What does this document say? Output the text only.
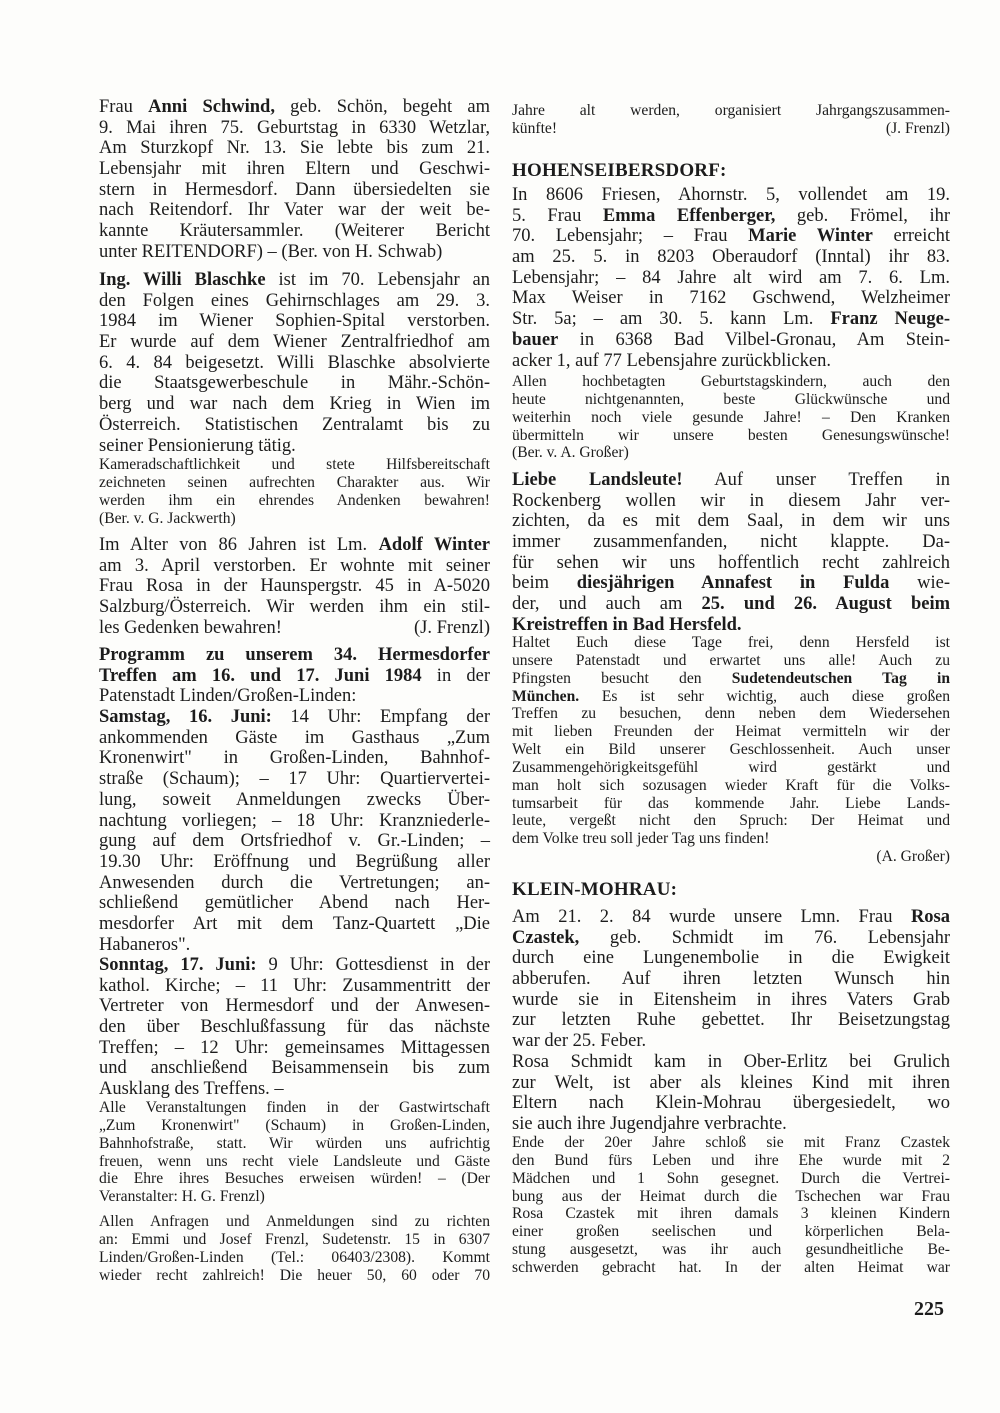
Frau Anni Schwind, geb. Schön, begeht am
9. Mai ihren 75. Geburtstag in 6330 Wetzlar,
Am Sturzkopf Nr. 13. Sie lebte bis zum 21.
Lebensjahr mit ihren Eltern und Geschwi-
stern in Hermesdorf. Dann übersiedelten sie
nach Reitendorf. Ihr Vater war der weit be-
kannte Kräutersammler. (Weiterer Bericht
unter REITENDORF) – (Ber. von H. Schwab)
Ing. Willi Blaschke ist im 70. Lebensjahr an
den Folgen eines Gehirnschlages am 29. 3.
1984 im Wiener Sophien-Spital verstorben.
Er wurde auf dem Wiener Zentralfriedhof am
6. 4. 84 beigesetzt. Willi Blaschke absolvierte
die Staatsgewerbeschule in Mähr.-Schön-
berg und war nach dem Krieg in Wien im
Österreich. Statistischen Zentralamt bis zu
seiner Pensionierung tätig.
Kameradschaftlichkeit und stete Hilfsbereitschaft
zeichneten seinen aufrechten Charakter aus. Wir
werden ihm ein ehrendes Andenken bewahren!
(Ber. v. G. Jackwerth)
Im Alter von 86 Jahren ist Lm. Adolf Winter
am 3. April verstorben. Er wohnte mit seiner
Frau Rosa in der Haunspergstr. 45 in A-5020
Salzburg/Österreich. Wir werden ihm ein stil-
les Gedenken bewahren!	(J. Frenzl)
Programm zu unserem 34. Hermesdorfer
Treffen am 16. und 17. Juni 1984 in der
Patenstadt Linden/Großen-Linden:
Samstag, 16. Juni: 14 Uhr: Empfang der
ankommenden Gäste im Gasthaus „Zum
Kronenwirt" in Großen-Linden, Bahnhof-
straße (Schaum); – 17 Uhr: Quartiervertei-
lung, soweit Anmeldungen zwecks Über-
nachtung vorliegen; – 18 Uhr: Kranzniederle-
gung auf dem Ortsfriedhof v. Gr.-Linden; –
19.30 Uhr: Eröffnung und Begrüßung aller
Anwesenden durch die Vertretungen; an-
schließend gemütlicher Abend nach Her-
mesdorfer Art mit dem Tanz-Quartett „Die
Habaneros".
Sonntag, 17. Juni: 9 Uhr: Gottesdienst in der
kathol. Kirche; – 11 Uhr: Zusammentritt der
Vertreter von Hermesdorf und der Anwesen-
den über Beschlußfassung für das nächste
Treffen; – 12 Uhr: gemeinsames Mittagessen
und anschließend Beisammensein bis zum
Ausklang des Treffens. –
Alle Veranstaltungen finden in der Gastwirtschaft
„Zum Kronenwirt" (Schaum) in Großen-Linden,
Bahnhofstraße, statt. Wir würden uns aufrichtig
freuen, wenn uns recht viele Landsleute und Gäste
die Ehre ihres Besuches erweisen würden! – (Der
Veranstalter: H. G. Frenzl)
Allen Anfragen und Anmeldungen sind zu richten
an: Emmi und Josef Frenzl, Sudetenstr. 15 in 6307
Linden/Großen-Linden (Tel.: 06403/2308). Kommt
wieder recht zahlreich! Die heuer 50, 60 oder 70
Jahre alt werden, organisiert Jahrgangszusammen-
künfte!	(J. Frenzl)
In 8606 Friesen, Ahornstr. 5, vollendet am 19.
5. Frau Emma Effenberger, geb. Frömel, ihr
70. Lebensjahr; – Frau Marie Winter erreicht
am 25. 5. in 8203 Oberaudorf (Inntal) ihr 83.
Lebensjahr; – 84 Jahre alt wird am 7. 6. Lm.
Max Weiser in 7162 Gschwend, Welzheimer
Str. 5a; – am 30. 5. kann Lm. Franz Neuge-
bauer in 6368 Bad Vilbel-Gronau, Am Stein-
acker 1, auf 77 Lebensjahre zurückblicken.
Allen hochbetagten Geburtstagskindern, auch den
heute nichtgenannten, beste Glückwünsche und
weiterhin noch viele gesunde Jahre! – Den Kranken
übermitteln wir unsere besten Genesungswünsche!
(Ber. v. A. Großer)
Liebe Landsleute! Auf unser Treffen in
Rockenberg wollen wir in diesem Jahr ver-
zichten, da es mit dem Saal, in dem wir uns
immer zusammenfanden, nicht klappte. Da-
für sehen wir uns hoffentlich recht zahlreich
beim diesjährigen Annafest in Fulda wie-
der, und auch am 25. und 26. August beim
Kreistreffen in Bad Hersfeld.
Haltet Euch diese Tage frei, denn Hersfeld ist
unsere Patenstadt und erwartet uns alle! Auch zu
Pfingsten besucht den Sudetendeutschen Tag in
München. Es ist sehr wichtig, auch diese großen
Treffen zu besuchen, denn neben dem Wiedersehen
mit lieben Freunden der Heimat vermitteln wir der
Welt ein Bild unserer Geschlossenheit. Auch unser
Zusammengehörigkeitsgefühl wird gestärkt und
man holt sich sozusagen wieder Kraft für die Volks-
tumsarbeit für das kommende Jahr. Liebe Lands-
leute, vergeßt nicht den Spruch: Der Heimat und
dem Volke treu soll jeder Tag uns finden!
(A. Großer)
Am 21. 2. 84 wurde unsere Lmn. Frau Rosa
Czastek, geb. Schmidt im 76. Lebensjahr
durch eine Lungenembolie in die Ewigkeit
abberufen. Auf ihren letzten Wunsch hin
wurde sie in Eitensheim in ihres Vaters Grab
zur letzten Ruhe gebettet. Ihr Beisetzungstag
war der 25. Feber.
Rosa Schmidt kam in Ober-Erlitz bei Grulich
zur Welt, ist aber als kleines Kind mit ihren
Eltern nach Klein-Mohrau übergesiedelt, wo
sie auch ihre Jugendjahre verbrachte.
Ende der 20er Jahre schloß sie mit Franz Czastek
den Bund fürs Leben und ihre Ehe wurde mit 2
Mädchen und 1 Sohn gesegnet. Durch die Vertrei-
bung aus der Heimat durch die Tschechen war Frau
Rosa Czastek mit ihren damals 3 kleinen Kindern
einer großen seelischen und körperlichen Bela-
stung ausgesetzt, was ihr auch gesundheitliche Be-
schwerden gebracht hat. In der alten Heimat war
HOHENSEIBERSDORF:
KLEIN-MOHRAU:
225
